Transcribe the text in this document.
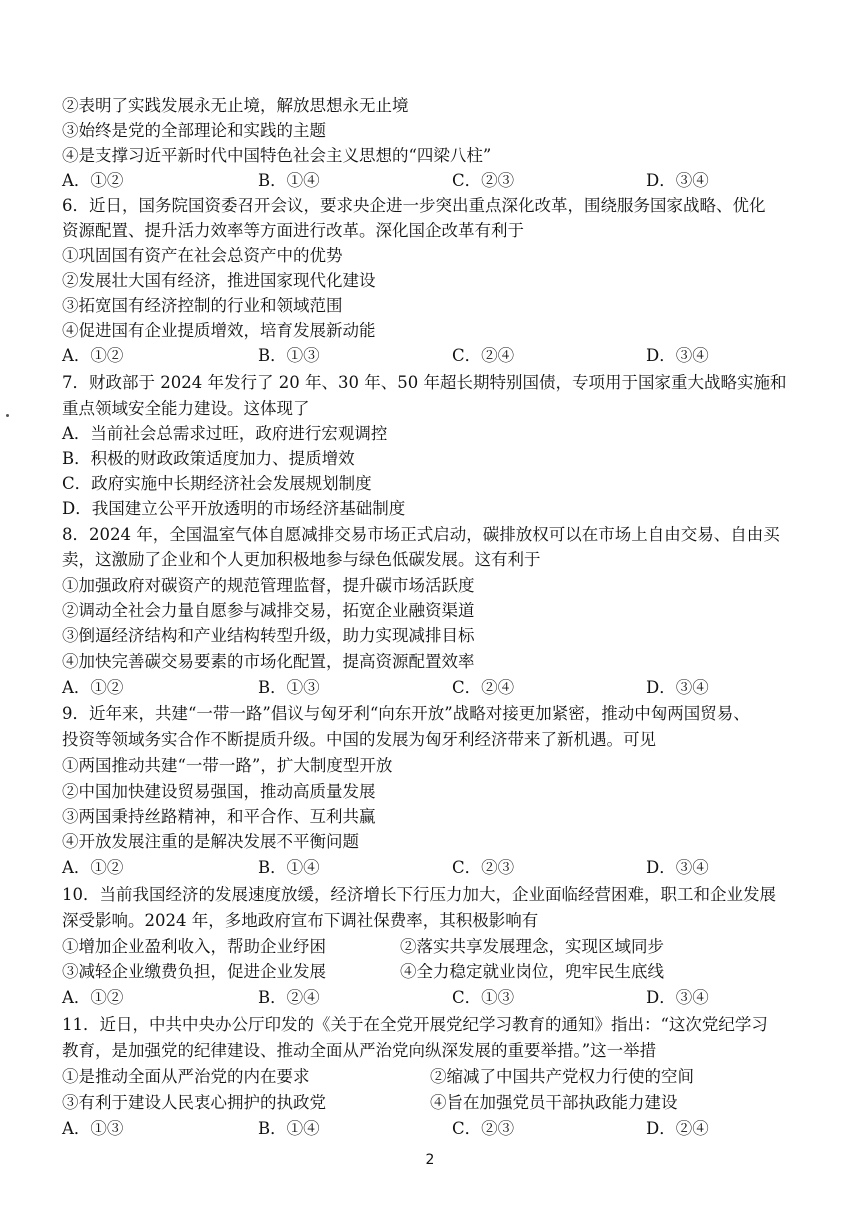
②表明了实践发展永无止境，解放思想永无止境
③始终是党的全部理论和实践的主题
④是支撑习近平新时代中国特色社会主义思想的“四梁八柱”
A．①②	B．①④	C．②③	D．③④
6．近日，国务院国资委召开会议，要求央企进一步突出重点深化改革，围绕服务国家战略、优化
资源配置、提升活力效率等方面进行改革。深化国企改革有利于
①巩固国有资产在社会总资产中的优势
②发展壮大国有经济，推进国家现代化建设
③拓宽国有经济控制的行业和领域范围
④促进国有企业提质增效，培育发展新动能
A．①②	B．①③	C．②④	D．③④
7．财政部于 2024 年发行了 20 年、30 年、50 年超长期特别国债，专项用于国家重大战略实施和
重点领域安全能力建设。这体现了
A．当前社会总需求过旺，政府进行宏观调控
B．积极的财政政策适度加力、提质增效
C．政府实施中长期经济社会发展规划制度
D．我国建立公平开放透明的市场经济基础制度
8．2024 年，全国温室气体自愿减排交易市场正式启动，碳排放权可以在市场上自由交易、自由买
卖，这激励了企业和个人更加积极地参与绿色低碳发展。这有利于
①加强政府对碳资产的规范管理监督，提升碳市场活跃度
②调动全社会力量自愿参与减排交易，拓宽企业融资渠道
③倒逼经济结构和产业结构转型升级，助力实现减排目标
④加快完善碳交易要素的市场化配置，提高资源配置效率
A．①②	B．①③	C．②④	D．③④
9．近年来，共建“一带一路”倡议与匈牙利“向东开放”战略对接更加紧密，推动中匈两国贸易、
投资等领域务实合作不断提质升级。中国的发展为匈牙利经济带来了新机遇。可见
①两国推动共建“一带一路”，扩大制度型开放
②中国加快建设贸易强国，推动高质量发展
③两国秉持丝路精神，和平合作、互利共赢
④开放发展注重的是解决发展不平衡问题
A．①②	B．①④	C．②③	D．③④
10．当前我国经济的发展速度放缓，经济增长下行压力加大，企业面临经营困难，职工和企业发展
深受影响。2024 年，多地政府宣布下调社保费率，其积极影响有
①增加企业盈利收入，帮助企业纾困	②落实共享发展理念，实现区域同步
③减轻企业缴费负担，促进企业发展	④全力稳定就业岗位，兜牢民生底线
A．①②	B．②④	C．①③	D．③④
11．近日，中共中央办公厅印发的《关于在全党开展党纪学习教育的通知》指出：“这次党纪学习
教育，是加强党的纪律建设、推动全面从严治党向纵深发展的重要举措。”这一举措
①是推动全面从严治党的内在要求	②缩减了中国共产党权力行使的空间
③有利于建设人民衷心拥护的执政党	④旨在加强党员干部执政能力建设
A．①③	B．①④	C．②③	D．②④
2
